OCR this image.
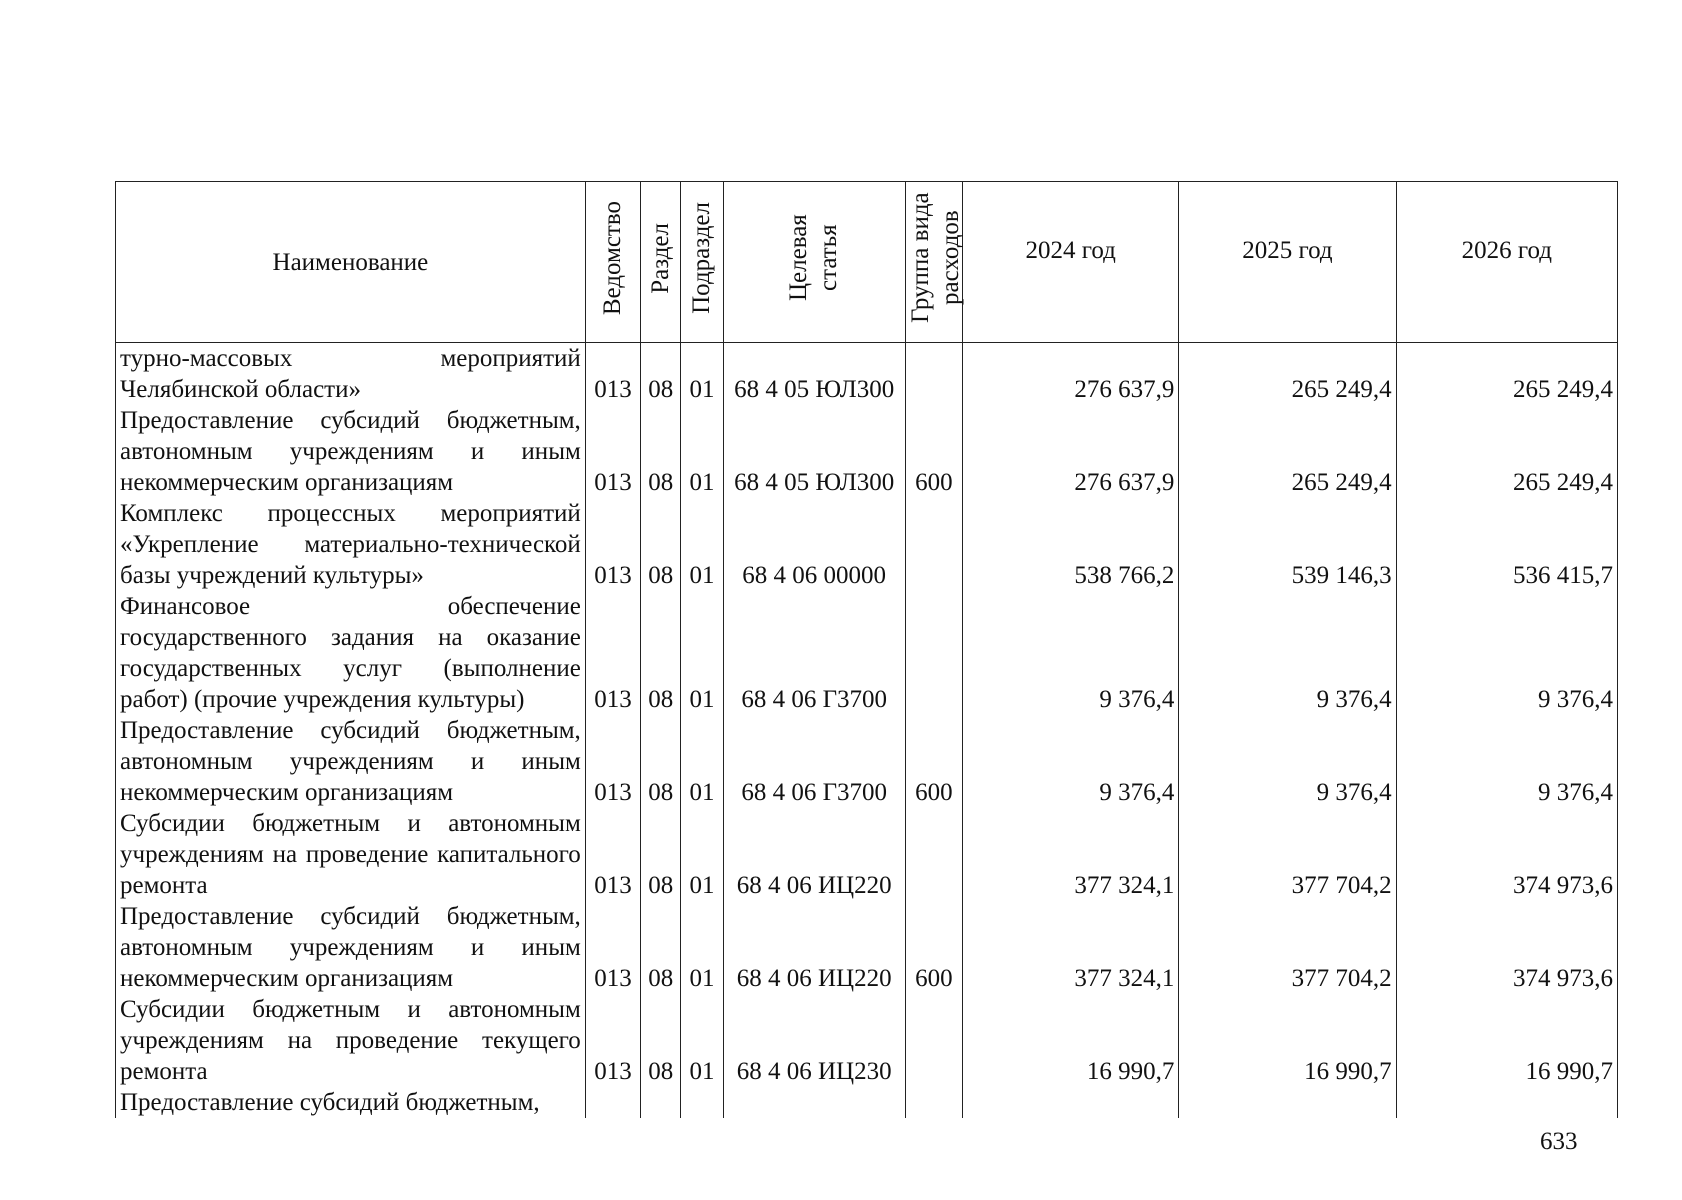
Наименование	Ведомство	Раздел	Подраздел	Целевая статья	Группа вида расходов	2024 год	2025 год	2026 год
турно-массовых мероприятий Челябинской области»	013	08	01	68 4 05 ЮЛ300		276 637,9	265 249,4	265 249,4
Предоставление субсидий бюджетным, автономным учреждениям и иным некоммерческим организациям	013	08	01	68 4 05 ЮЛ300	600	276 637,9	265 249,4	265 249,4
Комплекс процессных мероприятий «Укрепление материально-технической базы учреждений культуры»	013	08	01	68 4 06 00000		538 766,2	539 146,3	536 415,7
Финансовое обеспечение государственного задания на оказание государственных услуг (выполнение работ) (прочие учреждения культуры)	013	08	01	68 4 06 Г3700		9 376,4	9 376,4	9 376,4
Предоставление субсидий бюджетным, автономным учреждениям и иным некоммерческим организациям	013	08	01	68 4 06 Г3700	600	9 376,4	9 376,4	9 376,4
Субсидии бюджетным и автономным учреждениям на проведение капитального ремонта	013	08	01	68 4 06 ИЦ220		377 324,1	377 704,2	374 973,6
Предоставление субсидий бюджетным, автономным учреждениям и иным некоммерческим организациям	013	08	01	68 4 06 ИЦ220	600	377 324,1	377 704,2	374 973,6
Субсидии бюджетным и автономным учреждениям на проведение текущего ремонта	013	08	01	68 4 06 ИЦ230		16 990,7	16 990,7	16 990,7
Предоставление субсидий бюджетным,								
633
